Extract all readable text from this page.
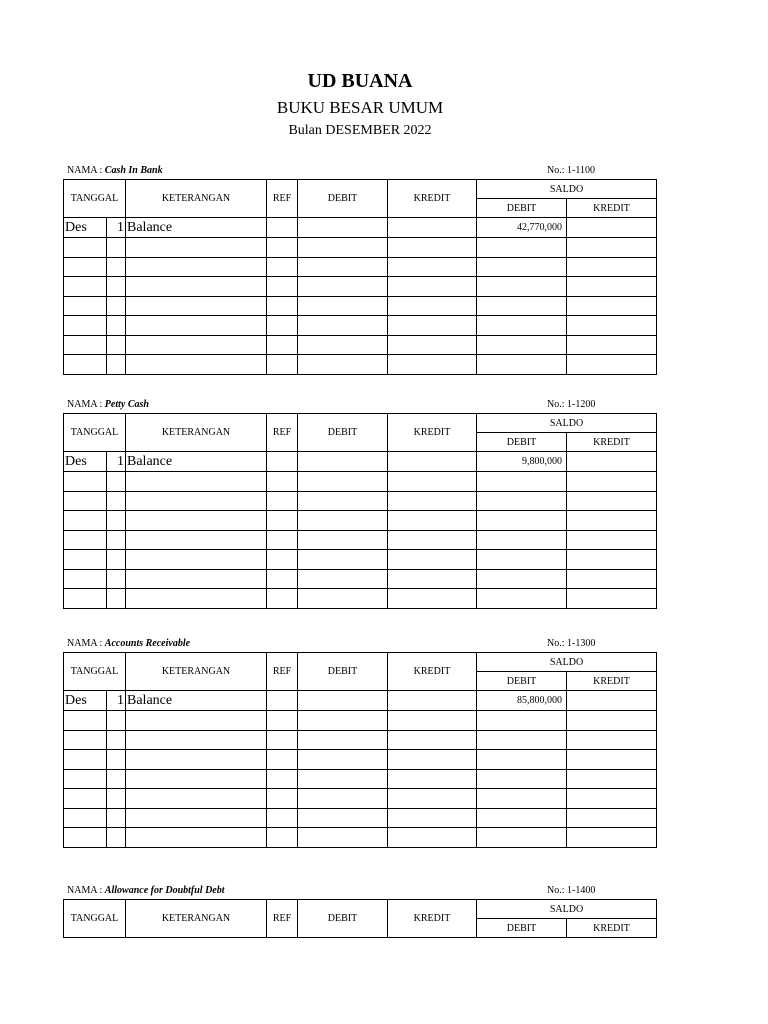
UD BUANA
BUKU BESAR UMUM
Bulan DESEMBER 2022
NAMA : Cash In Bank	No.: 1-1100
TANGGAL		KETERANGAN	REF	DEBIT	KREDIT	SALDO	
						DEBIT	KREDIT
Des	1	Balance				42,770,000	

NAMA : Petty Cash	No.: 1-1200
TANGGAL		KETERANGAN	REF	DEBIT	KREDIT	SALDO	
						DEBIT	KREDIT
Des	1	Balance				9,800,000	

NAMA : Accounts Receivable	No.: 1-1300
TANGGAL		KETERANGAN	REF	DEBIT	KREDIT	SALDO	
						DEBIT	KREDIT
Des	1	Balance				85,800,000	

NAMA : Allowance for Doubtful Debt	No.: 1-1400
TANGGAL	KETERANGAN	REF	DEBIT	KREDIT	SALDO	
					DEBIT	KREDIT
